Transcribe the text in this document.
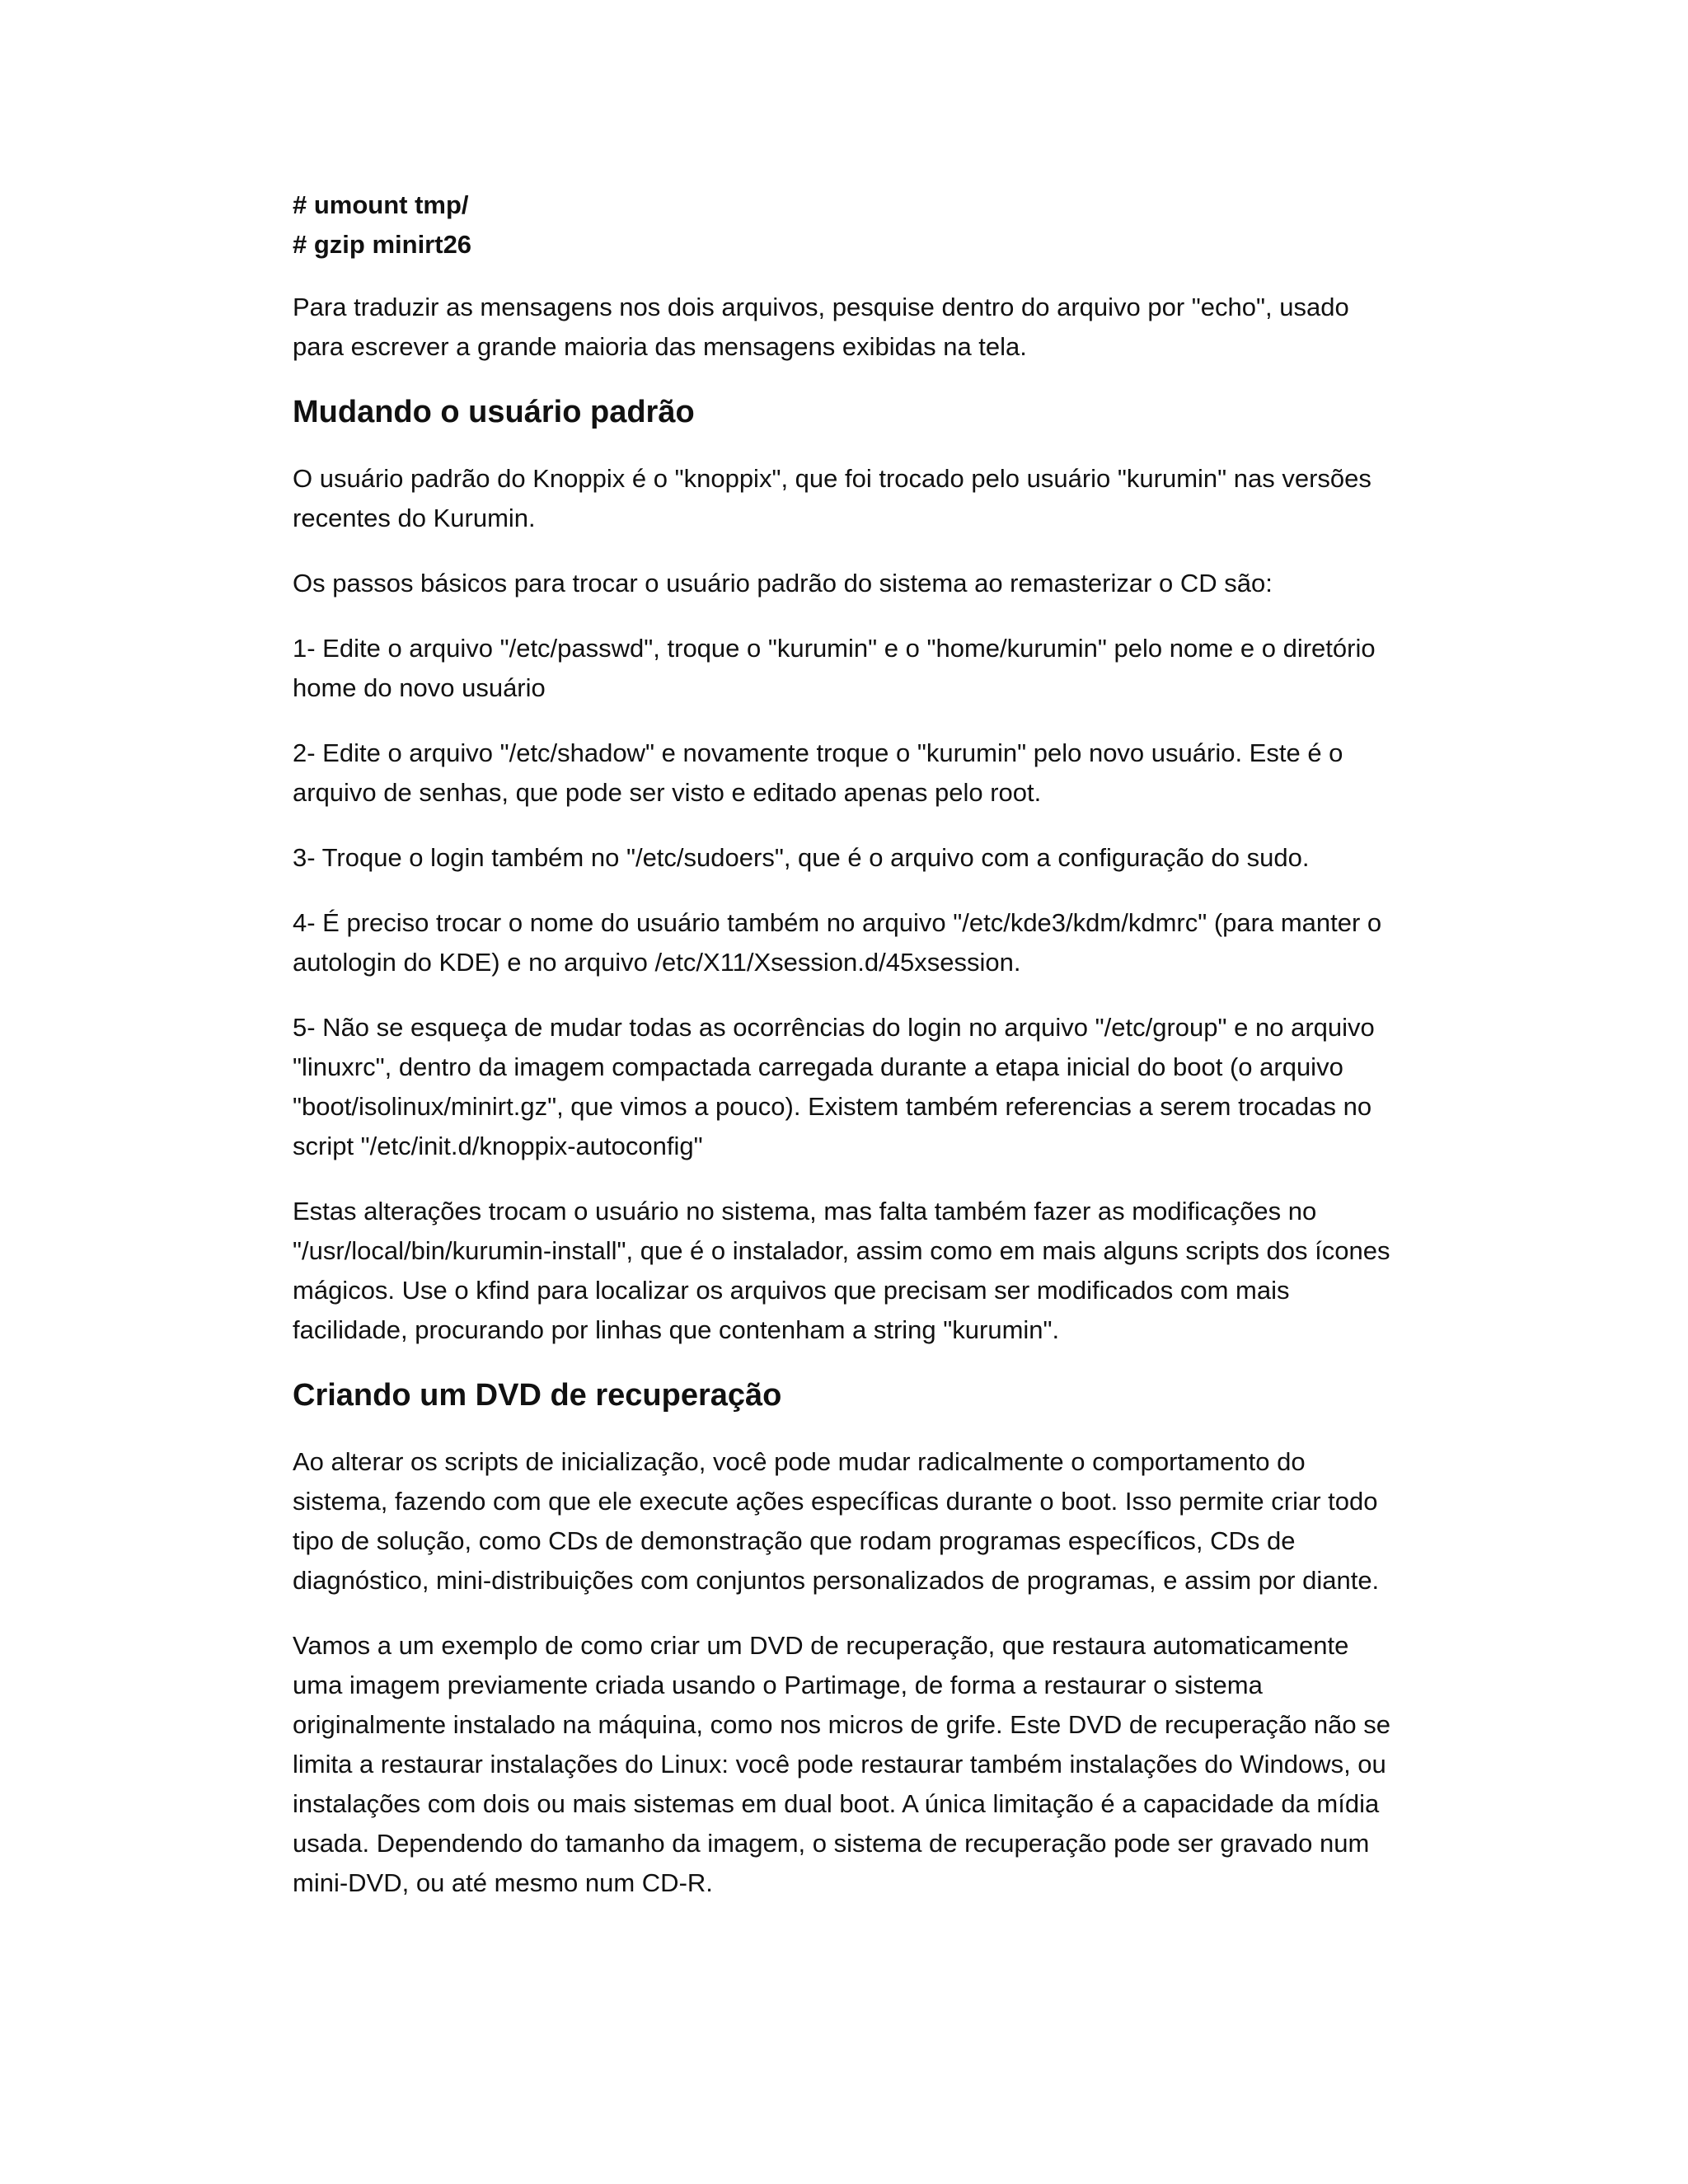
# umount tmp/
# gzip minirt26

Para traduzir as mensagens nos dois arquivos, pesquise dentro do arquivo por "echo", usado para escrever a grande maioria das mensagens exibidas na tela.

Mudando o usuário padrão

O usuário padrão do Knoppix é o "knoppix", que foi trocado pelo usuário "kurumin" nas versões recentes do Kurumin.

Os passos básicos para trocar o usuário padrão do sistema ao remasterizar o CD são:

1- Edite o arquivo "/etc/passwd", troque o "kurumin" e o "home/kurumin" pelo nome e o diretório home do novo usuário

2- Edite o arquivo "/etc/shadow" e novamente troque o "kurumin" pelo novo usuário. Este é o arquivo de senhas, que pode ser visto e editado apenas pelo root.

3- Troque o login também no "/etc/sudoers", que é o arquivo com a configuração do sudo.

4- É preciso trocar o nome do usuário também no arquivo "/etc/kde3/kdm/kdmrc" (para manter o autologin do KDE) e no arquivo /etc/X11/Xsession.d/45xsession.

5- Não se esqueça de mudar todas as ocorrências do login no arquivo "/etc/group" e no arquivo "linuxrc", dentro da imagem compactada carregada durante a etapa inicial do boot (o arquivo "boot/isolinux/minirt.gz", que vimos a pouco). Existem também referencias a serem trocadas no script "/etc/init.d/knoppix-autoconfig"

Estas alterações trocam o usuário no sistema, mas falta também fazer as modificações no "/usr/local/bin/kurumin-install", que é o instalador, assim como em mais alguns scripts dos ícones mágicos. Use o kfind para localizar os arquivos que precisam ser modificados com mais facilidade, procurando por linhas que contenham a string "kurumin".

Criando um DVD de recuperação

Ao alterar os scripts de inicialização, você pode mudar radicalmente o comportamento do sistema, fazendo com que ele execute ações específicas durante o boot. Isso permite criar todo tipo de solução, como CDs de demonstração que rodam programas específicos, CDs de diagnóstico, mini-distribuições com conjuntos personalizados de programas, e assim por diante.

Vamos a um exemplo de como criar um DVD de recuperação, que restaura automaticamente uma imagem previamente criada usando o Partimage, de forma a restaurar o sistema originalmente instalado na máquina, como nos micros de grife. Este DVD de recuperação não se limita a restaurar instalações do Linux: você pode restaurar também instalações do Windows, ou instalações com dois ou mais sistemas em dual boot. A única limitação é a capacidade da mídia usada. Dependendo do tamanho da imagem, o sistema de recuperação pode ser gravado num mini-DVD, ou até mesmo num CD-R.
